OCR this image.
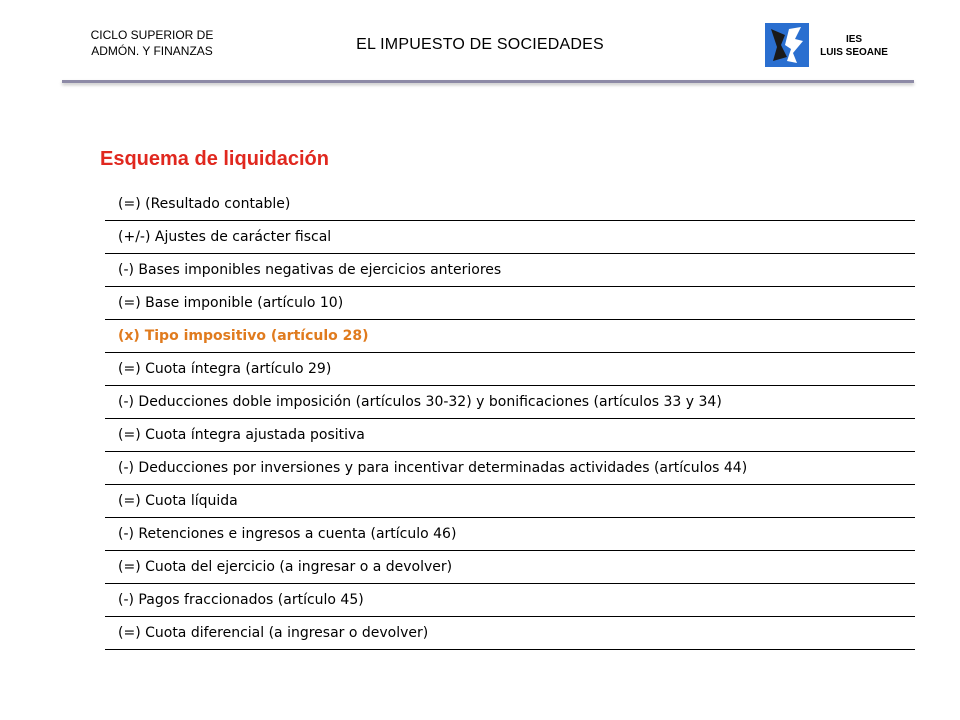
CICLO SUPERIOR DE
ADMÓN. Y FINANZAS	EL IMPUESTO DE SOCIEDADES	IES
LUIS SEOANE
Esquema de liquidación
(=) (Resultado contable)
(+/-) Ajustes de carácter fiscal
(-) Bases imponibles negativas de ejercicios anteriores
(=) Base imponible (artículo 10)
(x) Tipo impositivo (artículo 28)
(=) Cuota íntegra (artículo 29)
(-) Deducciones doble imposición (artículos 30-32) y bonificaciones (artículos 33 y 34)
(=) Cuota íntegra ajustada positiva
(-) Deducciones por inversiones y para incentivar determinadas actividades (artículos 44)
(=) Cuota líquida
(-) Retenciones e ingresos a cuenta (artículo 46)
(=) Cuota del ejercicio (a ingresar o a devolver)
(-) Pagos fraccionados (artículo 45)
(=) Cuota diferencial (a ingresar o devolver)
